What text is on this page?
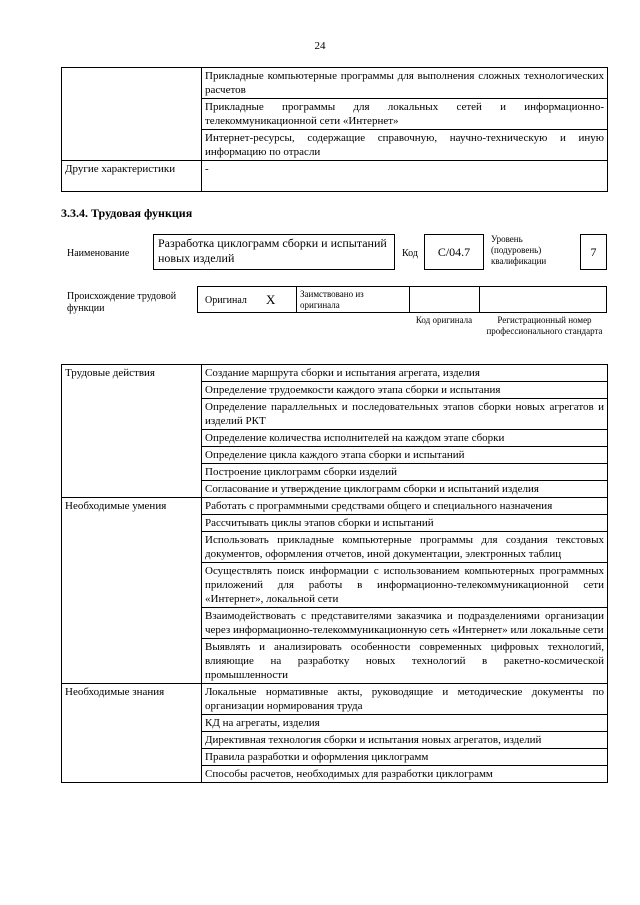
24
	Прикладные компьютерные программы для выполнения сложных технологических расчетов
	Прикладные программы для локальных сетей и информационно-телекоммуникационной сети «Интернет»
	Интернет-ресурсы, содержащие справочную, научно-техническую и иную информацию по отрасли
Другие характеристики	-
3.3.4. Трудовая функция
Наименование
Разработка циклограмм сборки и испытаний новых изделий	Код	С/04.7
Уровень (подуровень) квалификации
7
Происхождение трудовой функции
Оригинал Х	Заимствовано из оригинала
Код оригинала	Регистрационный номер профессионального стандарта
Трудовые действия	Создание маршрута сборки и испытания агрегата, изделия
	Определение трудоемкости каждого этапа сборки и испытания
	Определение параллельных и последовательных этапов сборки новых агрегатов и изделий РКТ
	Определение количества исполнителей на каждом этапе сборки
	Определение цикла каждого этапа сборки и испытаний
	Построение циклограмм сборки изделий
	Согласование и утверждение циклограмм сборки и испытаний изделия
Необходимые умения	Работать с программными средствами общего и специального назначения
	Рассчитывать циклы этапов сборки и испытаний
	Использовать прикладные компьютерные программы для создания текстовых документов, оформления отчетов, иной документации, электронных таблиц
	Осуществлять поиск информации с использованием компьютерных программных приложений для работы в информационно-телекоммуникационной сети «Интернет», локальной сети
	Взаимодействовать с представителями заказчика и подразделениями организации через информационно-телекоммуникационную сеть «Интернет» или локальные сети
	Выявлять и анализировать особенности современных цифровых технологий, влияющие на разработку новых технологий в ракетно-космической промышленности
Необходимые знания	Локальные нормативные акты, руководящие и методические документы по организации нормирования труда
	КД на агрегаты, изделия
	Директивная технология сборки и испытания новых агрегатов, изделий
	Правила разработки и оформления циклограмм
	Способы расчетов, необходимых для разработки циклограмм
